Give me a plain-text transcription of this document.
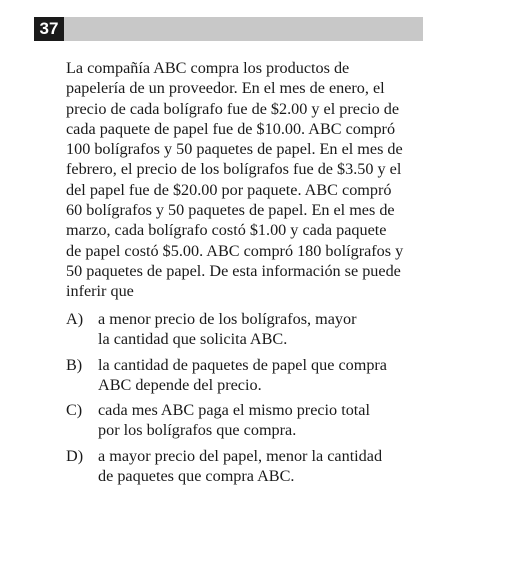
37

La compañía ABC compra los productos de
papelería de un proveedor. En el mes de enero, el
precio de cada bolígrafo fue de $2.00 y el precio de
cada paquete de papel fue de $10.00. ABC compró
100 bolígrafos y 50 paquetes de papel. En el mes de
febrero, el precio de los bolígrafos fue de $3.50 y el
del papel fue de $20.00 por paquete. ABC compró
60 bolígrafos y 50 paquetes de papel. En el mes de
marzo, cada bolígrafo costó $1.00 y cada paquete
de papel costó $5.00. ABC compró 180 bolígrafos y
50 paquetes de papel. De esta información se puede
inferir que

A) a menor precio de los bolígrafos, mayor
la cantidad que solicita ABC.
B) la cantidad de paquetes de papel que compra
ABC depende del precio.
C) cada mes ABC paga el mismo precio total
por los bolígrafos que compra.
D) a mayor precio del papel, menor la cantidad
de paquetes que compra ABC.
